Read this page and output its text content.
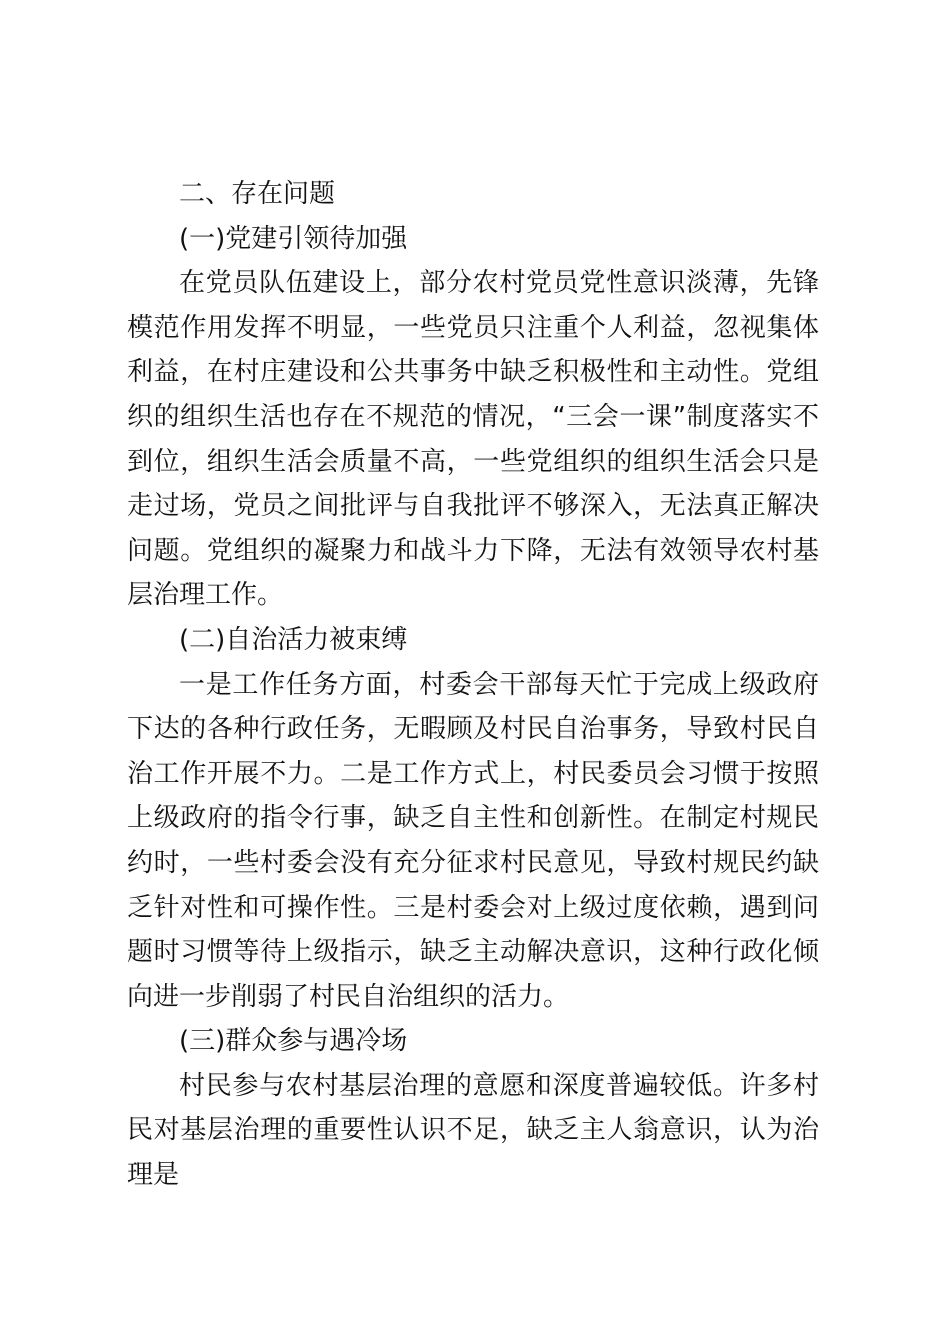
二、存在问题

(一)党建引领待加强

在党员队伍建设上，部分农村党员党性意识淡薄，先锋模范作用发挥不明显，一些党员只注重个人利益，忽视集体利益，在村庄建设和公共事务中缺乏积极性和主动性。党组织的组织生活也存在不规范的情况，“三会一课”制度落实不到位，组织生活会质量不高，一些党组织的组织生活会只是走过场，党员之间批评与自我批评不够深入，无法真正解决问题。党组织的凝聚力和战斗力下降，无法有效领导农村基层治理工作。

(二)自治活力被束缚

一是工作任务方面，村委会干部每天忙于完成上级政府下达的各种行政任务，无暇顾及村民自治事务，导致村民自治工作开展不力。二是工作方式上，村民委员会习惯于按照上级政府的指令行事，缺乏自主性和创新性。在制定村规民约时，一些村委会没有充分征求村民意见，导致村规民约缺乏针对性和可操作性。三是村委会对上级过度依赖，遇到问题时习惯等待上级指示，缺乏主动解决意识，这种行政化倾向进一步削弱了村民自治组织的活力。

(三)群众参与遇冷场

村民参与农村基层治理的意愿和深度普遍较低。许多村民对基层治理的重要性认识不足，缺乏主人翁意识，认为治理是
